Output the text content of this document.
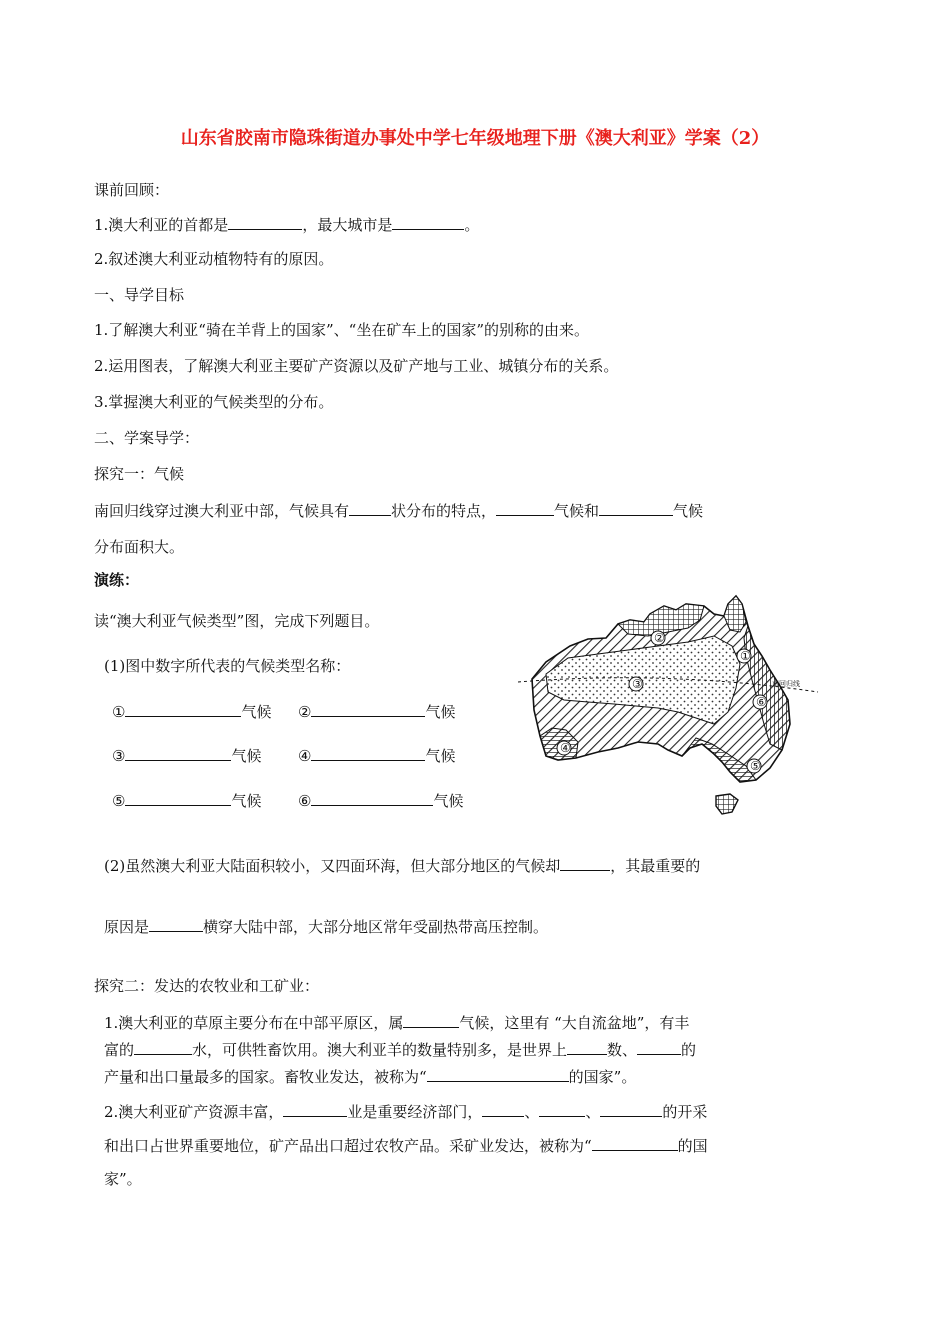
山东省胶南市隐珠街道办事处中学七年级地理下册《澳大利亚》学案（2）
课前回顾：
1.澳大利亚的首都是	，最大城市是	。
2.叙述澳大利亚动植物特有的原因。
一、导学目标
1.了解澳大利亚“骑在羊背上的国家”、“坐在矿车上的国家”的别称的由来。
2.运用图表，了解澳大利亚主要矿产资源以及矿产地与工业、城镇分布的关系。
3.掌握澳大利亚的气候类型的分布。
二、学案导学：
探究一：气候
南回归线穿过澳大利亚中部，气候具有	状分布的特点，	气候和	气候
分布面积大。
演练：
读“澳大利亚气候类型”图，完成下列题目。
(1)图中数字所代表的气候类型名称：
①	气候 ②	气候
③	气候 ④	气候
⑤	气候 ⑥	气候
南回归线
②
①
③
⑥
④
⑤
(2)虽然澳大利亚大陆面积较小，又四面环海，但大部分地区的气候却	，其最重要的
原因是	横穿大陆中部，大部分地区常年受副热带高压控制。
探究二：发达的农牧业和工矿业：
1.澳大利亚的草原主要分布在中部平原区，属	气候，这里有 “大自流盆地”，有丰
富的	水，可供牲畜饮用。澳大利亚羊的数量特别多，是世界上	数、	的
产量和出口量最多的国家。畜牧业发达，被称为“	的国家”。
2.澳大利亚矿产资源丰富，	业是重要经济部门，	、	、	的开采
和出口占世界重要地位，矿产品出口超过农牧产品。采矿业发达，被称为“	的国
家”。
